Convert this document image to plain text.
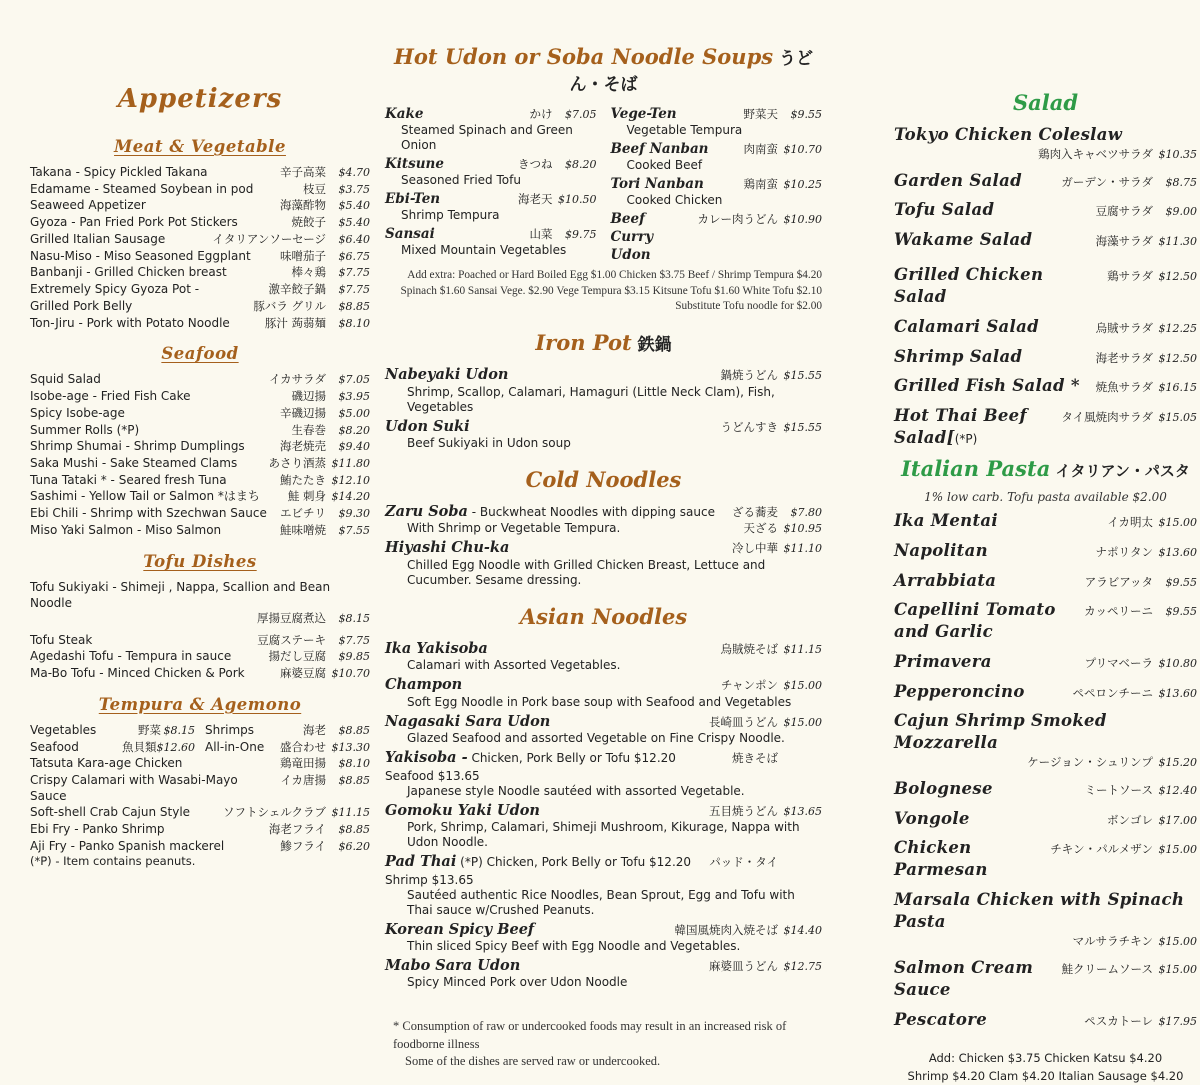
Appetizers
Meat & Vegetable
Takana - Spicy Pickled Takana	辛子高菜	$4.70
Edamame - Steamed Soybean in pod	枝豆	$3.75
Seaweed Appetizer	海藻酢物	$5.40
Gyoza - Pan Fried Pork Pot Stickers	焼餃子	$5.40
Grilled Italian Sausage	イタリアンソーセージ	$6.40
Nasu-Miso - Miso Seasoned Eggplant	味噌茄子	$6.75
Banbanji - Grilled Chicken breast	棒々鶏	$7.75
Extremely Spicy Gyoza Pot -	激辛餃子鍋	$7.75
Grilled Pork Belly	豚バラ グリル	$8.85
Ton-Jiru - Pork with Potato Noodle	豚汁 蒟蒻麺	$8.10
Seafood
Squid Salad	イカサラダ	$7.05
Isobe-age - Fried Fish Cake	磯辺揚	$3.95
Spicy Isobe-age	辛磯辺揚	$5.00
Summer Rolls (*P)	生春巻	$8.20
Shrimp Shumai - Shrimp Dumplings	海老焼売	$9.40
Saka Mushi - Sake Steamed Clams	あさり酒蒸 $11.80
Tuna Tataki * - Seared fresh Tuna	鮪たたき $12.10
Sashimi - Yellow Tail or Salmon *はまち	鮭 刺身 $14.20
Ebi Chili - Shrimp with Szechwan Sauce	エビチリ	$9.30
Miso Yaki Salmon - Miso Salmon	鮭味噌焼	$7.55
Tofu Dishes
Tofu Sukiyaki - Shimeji , Nappa, Scallion and Bean Noodle
厚揚豆腐煮込	$8.15
Tofu Steak	豆腐ステーキ	$7.75
Agedashi Tofu - Tempura in sauce	揚だし豆腐	$9.85
Ma-Bo Tofu - Minced Chicken & Pork	麻婆豆腐 $10.70
Tempura & Agemono
Vegetables	野菜 $8.15 Shrimps	海老	$8.85
Seafood	魚貝類 $12.60 All-in-One	盛合わせ $13.30
Tatsuta Kara-age Chicken	鶏竜田揚	$8.10
Crispy Calamari with Wasabi-Mayo Sauce
イカ唐揚	$8.85
Soft-shell Crab Cajun Style	ソフトシェルクラブ $11.15
Ebi Fry - Panko Shrimp	海老フライ	$8.85
Aji Fry - Panko Spanish mackerel	鯵フライ	$6.20
(*P) - Item contains peanuts.
Hot Udon or Soba Noodle Soups うどん・そば
Kake	かけ	$7.05
Steamed Spinach and Green Onion
Kitsune	きつね	$8.20
Seasoned Fried Tofu
Ebi-Ten	海老天 $10.50
Shrimp Tempura
Sansai	山菜	$9.75
Mixed Mountain Vegetables
Vege-Ten	野菜天	$9.55
Vegetable Tempura
Beef Nanban	肉南蛮 $10.70
Cooked Beef
Tori Nanban	鶏南蛮 $10.25
Cooked Chicken
Beef Curry Udon
カレー肉うどん $10.90
Add extra: Poached or Hard Boiled Egg $1.00 Chicken $3.75 Beef / Shrimp Tempura $4.20
Spinach $1.60 Sansai Vege. $2.90 Vege Tempura $3.15 Kitsune Tofu $1.60 White Tofu $2.10
Substitute Tofu noodle for $2.00
Iron Pot 鉄鍋
Nabeyaki Udon	鍋焼うどん $15.55
Shrimp, Scallop, Calamari, Hamaguri (Little Neck Clam), Fish, Vegetables
Udon Suki	うどんすき $15.55
Beef Sukiyaki in Udon soup
Cold Noodles
Zaru Soba - Buckwheat Noodles with dipping sauce	ざる蕎麦	$7.80
With Shrimp or Vegetable Tempura.	天ざる $10.95
Hiyashi Chu-ka	冷し中華 $11.10
Chilled Egg Noodle with Grilled Chicken Breast, Lettuce and Cucumber. Sesame dressing.
Asian Noodles
Ika Yakisoba	烏賊焼そば $11.15
Calamari with Assorted Vegetables.
Champon	チャンポン $15.00
Soft Egg Noodle in Pork base soup with Seafood and Vegetables
Nagasaki Sara Udon	長崎皿うどん $15.00
Glazed Seafood and assorted Vegetable on Fine Crispy Noodle.
Yakisoba - Chicken, Pork Belly or Tofu $12.20 Seafood $13.65
焼きそば
Japanese style Noodle sautéed with assorted Vegetable.
Gomoku Yaki Udon	五目焼うどん $13.65
Pork, Shrimp, Calamari, Shimeji Mushroom, Kikurage, Nappa with Udon Noodle.
Pad Thai (*P) Chicken, Pork Belly or Tofu $12.20 Shrimp $13.65
パッド・タイ
Sautéed authentic Rice Noodles, Bean Sprout, Egg and Tofu with Thai sauce w/Crushed Peanuts.
Korean Spicy Beef	韓国風焼肉入焼そば $14.40
Thin sliced Spicy Beef with Egg Noodle and Vegetables.
Mabo Sara Udon	麻婆皿うどん $12.75
Spicy Minced Pork over Udon Noodle
* Consumption of raw or undercooked foods may result in an increased risk of foodborne illness
Some of the dishes are served raw or undercooked.
Salad
Tokyo Chicken Coleslaw
鶏肉入キャベツサラダ $10.35
Garden Salad	ガーデン・サラダ	$8.75
Tofu Salad	豆腐サラダ	$9.00
Wakame Salad	海藻サラダ $11.30
Grilled Chicken Salad
鶏サラダ $12.50
Calamari Salad	烏賊サラダ $12.25
Shrimp Salad	海老サラダ $12.50
Grilled Fish Salad *	焼魚サラダ $16.15
Hot Thai Beef Salad[(*P)
タイ風焼肉サラダ $15.05
Italian Pasta イタリアン・パスタ
1% low carb. Tofu pasta available $2.00
Ika Mentai	イカ明太 $15.00
Napolitan	ナポリタン $13.60
Arrabbiata	アラビアッタ	$9.55
Capellini Tomato and Garlic
カッペリーニ	$9.55
Primavera	プリマベーラ $10.80
Pepperoncino	ペペロンチーニ $13.60
Cajun Shrimp Smoked Mozzarella
ケージョン・シュリンプ $15.20
Bolognese	ミートソース $12.40
Vongole	ボンゴレ $17.00
Chicken Parmesan
チキン・パルメザン $15.00
Marsala Chicken with Spinach Pasta
マルサラチキン $15.00
Salmon Cream Sauce
鮭クリームソース $15.00
Pescatore	ペスカトーレ $17.95
Add: Chicken $3.75 Chicken Katsu $4.20
Shrimp $4.20 Clam $4.20 Italian Sausage $4.20
